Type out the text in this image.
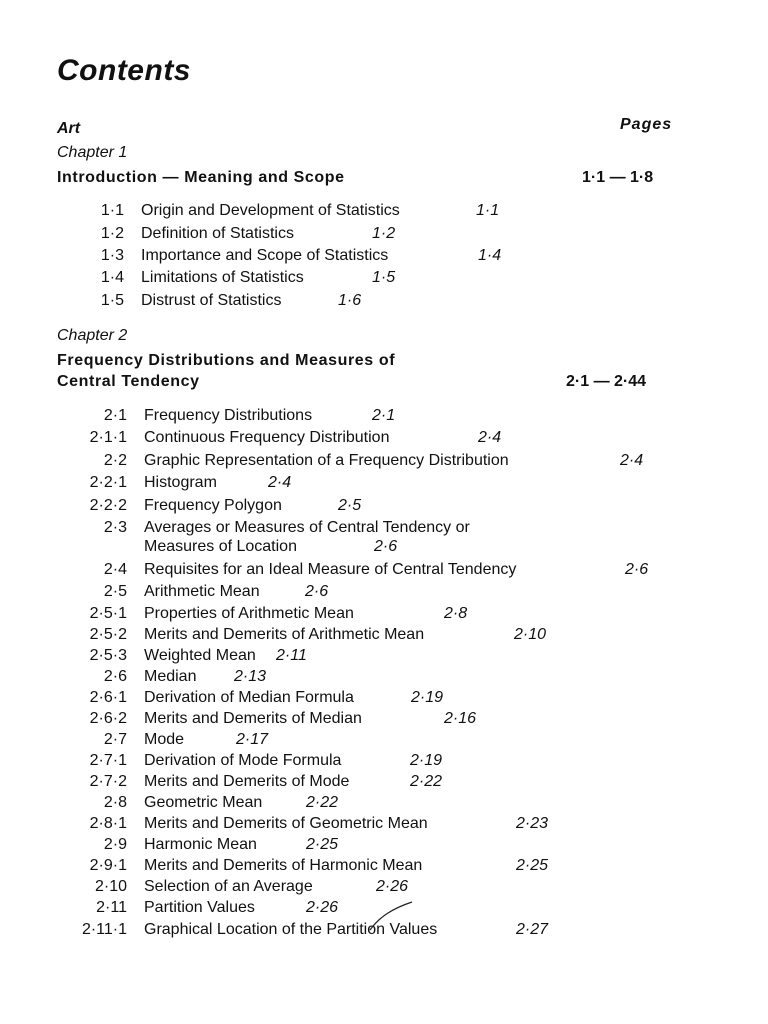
Contents
Art	Pages
Chapter 1
Introduction — Meaning and Scope	1·1 — 1·8
1·1 Origin and Development of Statistics	1·1
1·2 Definition of Statistics	1·2
1·3 Importance and Scope of Statistics	1·4
1·4 Limitations of Statistics	1·5
1·5 Distrust of Statistics	1·6
Chapter 2
Frequency Distributions and Measures of
Central Tendency	2·1 — 2·44
2·1 Frequency Distributions	2·1
2·1·1 Continuous Frequency Distribution	2·4
2·2 Graphic Representation of a Frequency Distribution	2·4
2·2·1 Histogram	2·4
2·2·2 Frequency Polygon	2·5
2·3 Averages or Measures of Central Tendency or
Measures of Location	2·6
2·4 Requisites for an Ideal Measure of Central Tendency	2·6
2·5 Arithmetic Mean	2·6
2·5·1 Properties of Arithmetic Mean	2·8
2·5·2 Merits and Demerits of Arithmetic Mean	2·10
2·5·3 Weighted Mean 2·11
2·6 Median 2·13
2·6·1 Derivation of Median Formula	2·19
2·6·2 Merits and Demerits of Median	2·16
2·7 Mode	2·17
2·7·1 Derivation of Mode Formula	2·19
2·7·2 Merits and Demerits of Mode	2·22
2·8 Geometric Mean	2·22
2·8·1 Merits and Demerits of Geometric Mean	2·23
2·9 Harmonic Mean	2·25
2·9·1 Merits and Demerits of Harmonic Mean	2·25
2·10 Selection of an Average	2·26
2·11 Partition Values	2·26
2·11·1 Graphical Location of the Partition Values	2·27
